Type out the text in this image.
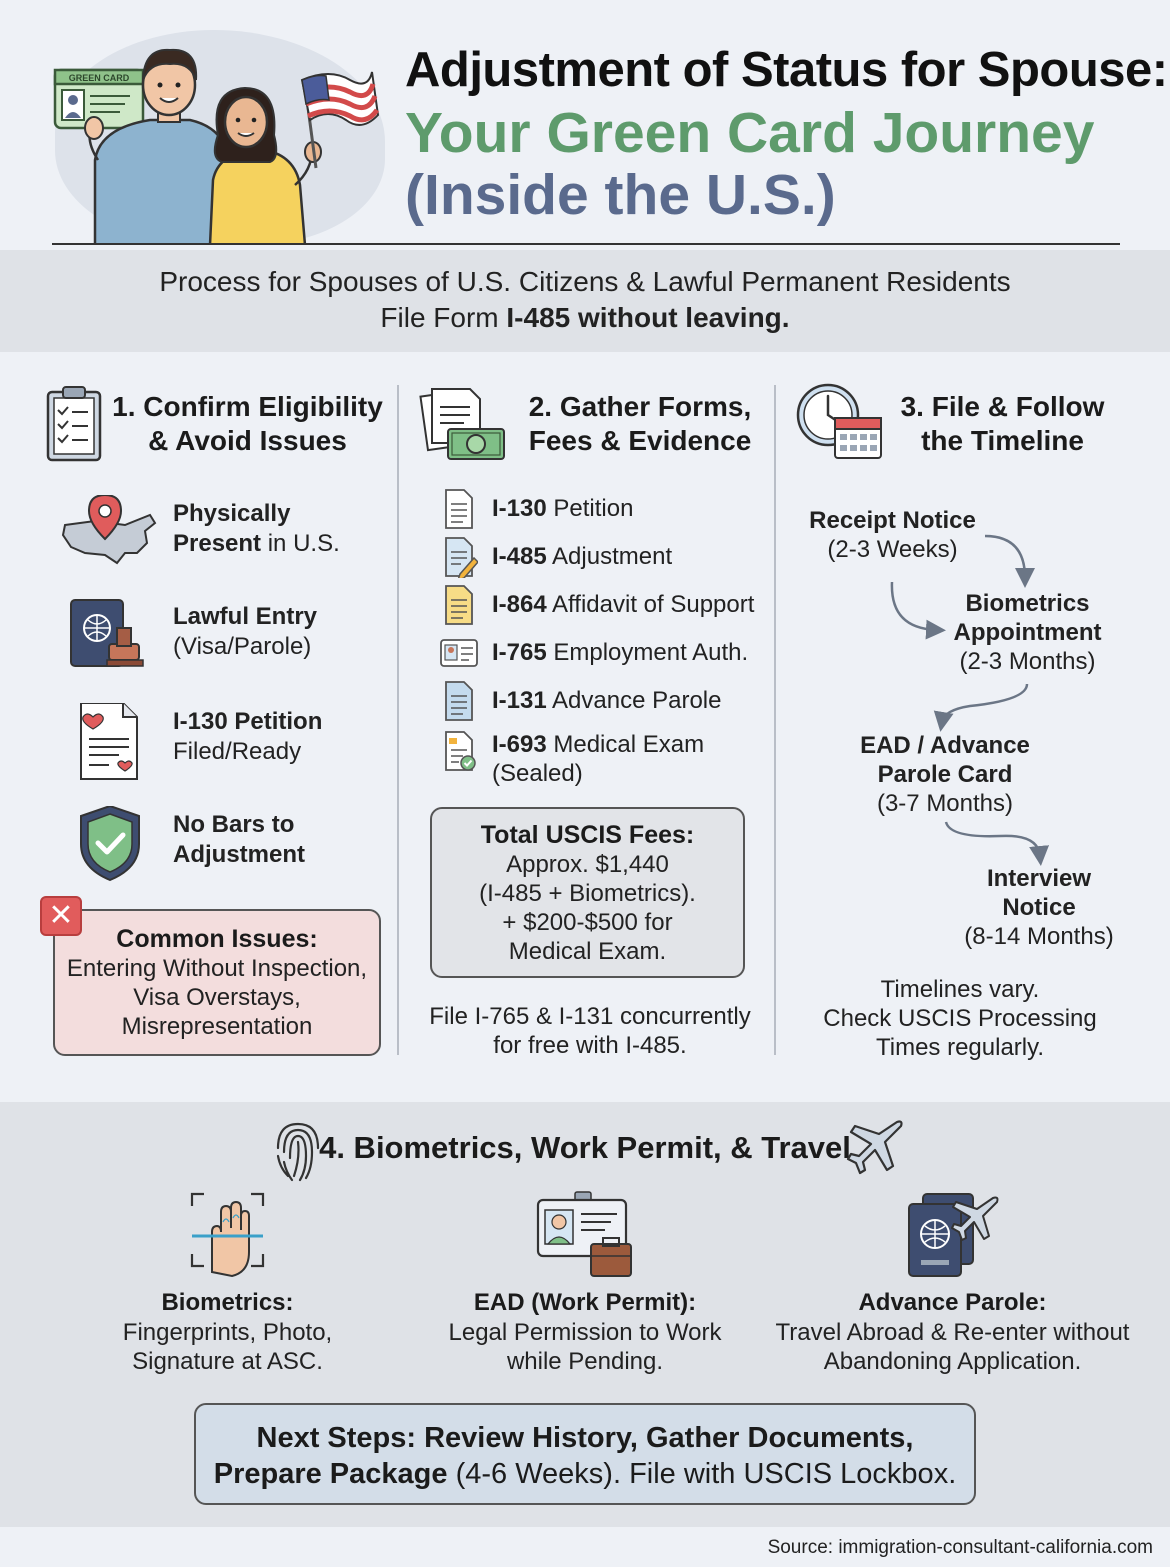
GREEN CARD	Adjustment of Status for Spouse:
Your Green Card Journey
(Inside the U.S.)
Process for Spouses of U.S. Citizens & Lawful Permanent Residents
File Form I-485 without leaving.
1. Confirm Eligibility
& Avoid Issues
Physically
Present in U.S.
Lawful Entry
(Visa/Parole)
I-130 Petition
Filed/Ready
No Bars to
Adjustment
Common Issues:
Entering Without Inspection,
Visa Overstays,
Misrepresentation
✕
2. Gather Forms,
Fees & Evidence
I-130 Petition
I-485 Adjustment
I-864 Affidavit of Support
I-765 Employment Auth.
I-131 Advance Parole
I-693 Medical Exam
(Sealed)
Total USCIS Fees:
Approx. $1,440
(I-485 + Biometrics).
+ $200-$500 for
Medical Exam.
File I-765 & I-131 concurrently
for free with I-485.
3. File & Follow
the Timeline
Receipt Notice
(2-3 Weeks)
Biometrics
Appointment
(2-3 Months)
EAD / Advance
Parole Card
(3-7 Months)
Interview
Notice
(8-14 Months)
Timelines vary.
Check USCIS Processing
Times regularly.
4. Biometrics, Work Permit, & Travel
Biometrics:
Fingerprints, Photo,
Signature at ASC.
EAD (Work Permit):
Legal Permission to Work
while Pending.
Advance Parole:
Travel Abroad & Re-enter without
Abandoning Application.
Next Steps: Review History, Gather Documents,
Prepare Package (4-6 Weeks). File with USCIS Lockbox.
Source: immigration-consultant-california.com
